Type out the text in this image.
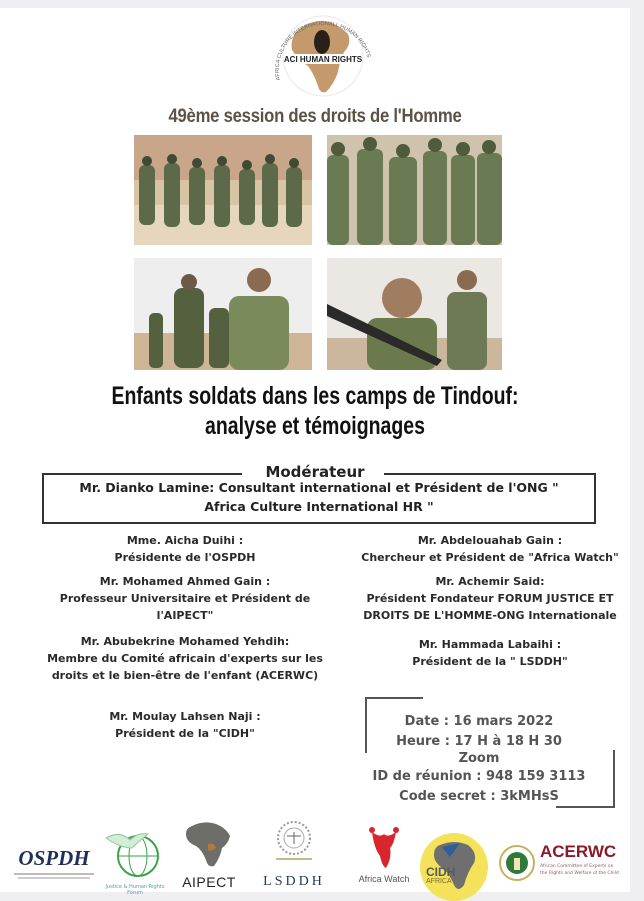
ACI HUMAN RIGHTS
AFRICA CULTURE INTERNATIONALL HUMAN RIGHTS
49ème session des droits de l'Homme
Enfants soldats dans les camps de Tindouf:
analyse et témoignages
Modérateur
Mr. Dianko Lamine: Consultant international et Président de l'ONG "
Africa Culture International HR "
Mme. Aicha Duihi :
Présidente de l'OSPDH
Mr. Mohamed Ahmed Gain :
Professeur Universitaire et Président de
l'AIPECT"
Mr. Abubekrine Mohamed Yehdih:
Membre du Comité africain d'experts sur les
droits et le bien-être de l'enfant (ACERWC)
Mr. Moulay Lahsen Naji :
Président de la "CIDH"
Mr. Abdelouahab Gain :
Chercheur et Président de "Africa Watch"
Mr. Achemir Said:
Président Fondateur FORUM JUSTICE ET
DROITS DE L'HOMME-ONG Internationale
Mr. Hammada Labaihi :
Président de la " LSDDH"
Date : 16 mars 2022
Heure : 17 H à 18 H 30
Zoom
ID de réunion : 948 159 3113
Code secret : 3kMHsS
OSPDH
Justice & Human Rights Forum
AIPECT	LSDDH	Africa Watch	CIDH
AFRICA
ACERWC
African Committee of Experts on
the Rights and Welfare of the Child
